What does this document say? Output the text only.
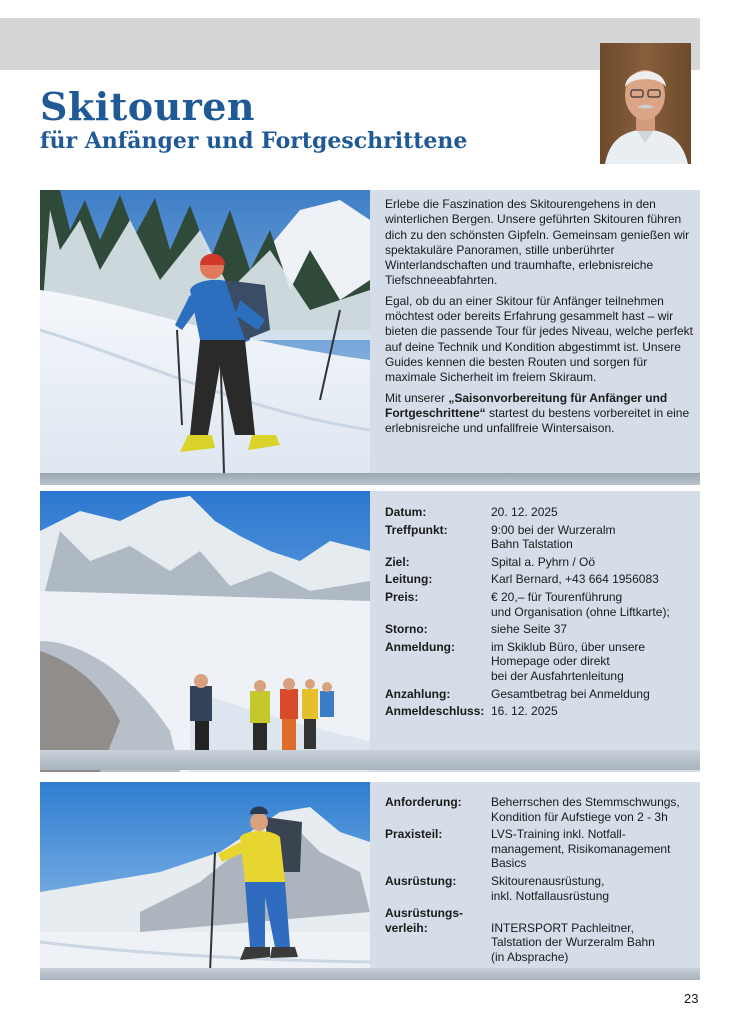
Skitouren
für Anfänger und Fortgeschrittene

Erlebe die Faszination des Skitourengehens in den winterlichen Bergen. Unsere geführten Skitouren führen dich zu den schönsten Gipfeln. Gemeinsam genießen wir spektakuläre Panoramen, stille unberührter Winterlandschaften und traumhafte, erlebnisreiche Tiefschneeabfahrten.

Egal, ob du an einer Skitour für Anfänger teilnehmen möchtest oder bereits Erfahrung gesammelt hast – wir bieten die passende Tour für jedes Niveau, welche perfekt auf deine Technik und Kondition abgestimmt ist. Unsere Guides kennen die besten Routen und sorgen für maximale Sicherheit im freiem Skiraum.

Mit unserer „Saisonvorbereitung für Anfänger und Fortgeschrittene“ startest du bestens vorbereitet in eine erlebnisreiche und unfallfreie Wintersaison.

Datum:	20. 12. 2025
Treffpunkt:	9:00 bei der Wurzeralm
Bahn Talstation
Ziel:	Spital a. Pyhrn / Oö
Leitung:	Karl Bernard, +43 664 1956083
Preis:	€ 20,– für Tourenführung
und Organisation (ohne Liftkarte);
Storno:	siehe Seite 37
Anmeldung:	im Skiklub Büro, über unsere
Homepage oder direkt
bei der Ausfahrtenleitung
Anzahlung:	Gesamtbetrag bei Anmeldung
Anmeldeschluss: 16. 12. 2025
Anforderung:	Beherrschen des Stemmschwungs,
Kondition für Aufstiege von 2 - 3h
Praxisteil:	LVS-Training inkl. Notfall-
management, Risikomanagement
Basics
Ausrüstung:	Skitourenausrüstung,
inkl. Notfallausrüstung
Ausrüstungs-
verleih:	
INTERSPORT Pachleitner,
Talstation der Wurzeralm Bahn
(in Absprache)
23
